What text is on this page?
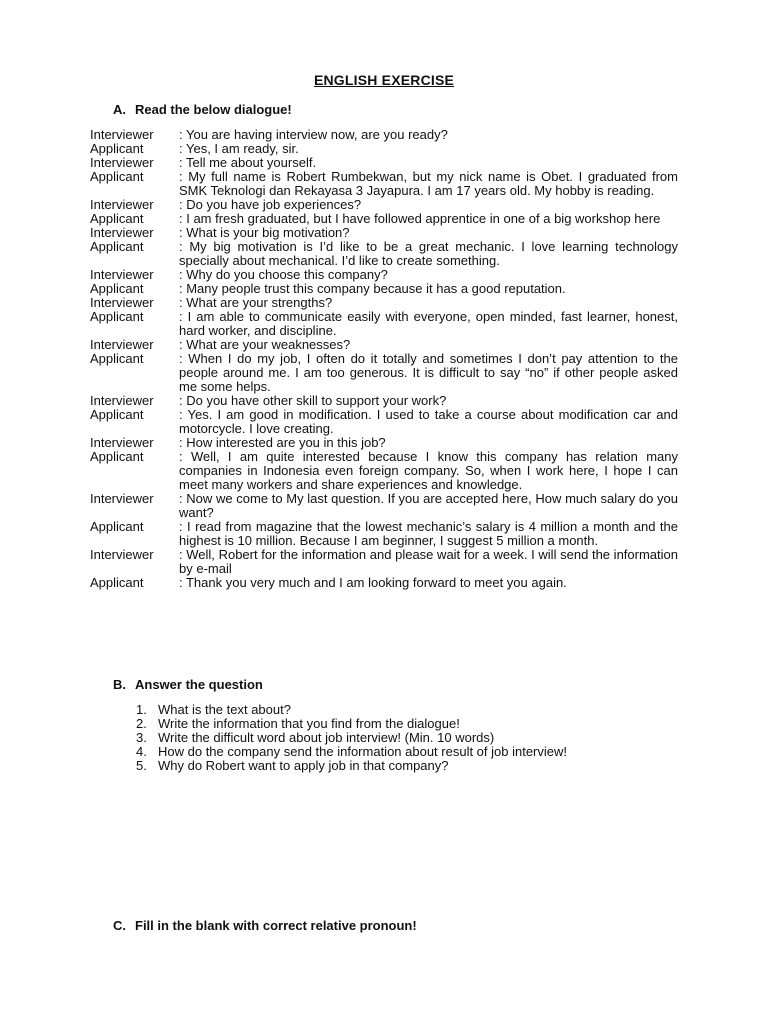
ENGLISH EXERCISE
A. Read the below dialogue!
Interviewer	: You are having interview now, are you ready?
Applicant	: Yes, I am ready, sir.
Interviewer	: Tell me about yourself.
Applicant	: My full name is Robert Rumbekwan, but my nick name is Obet. I graduated from SMK Teknologi dan Rekayasa 3 Jayapura. I am 17 years old. My hobby is reading.
Interviewer	: Do you have job experiences?
Applicant	: I am fresh graduated, but I have followed apprentice in one of a big workshop here
Interviewer	: What is your big motivation?
Applicant	: My big motivation is I’d like to be a great mechanic. I love learning technology specially about mechanical. I’d like to create something.
Interviewer	: Why do you choose this company?
Applicant	: Many people trust this company because it has a good reputation.
Interviewer	: What are your strengths?
Applicant	: I am able to communicate easily with everyone, open minded, fast learner, honest, hard worker, and discipline.
Interviewer	: What are your weaknesses?
Applicant	: When I do my job, I often do it totally and sometimes I don’t pay attention to the people around me. I am too generous. It is difficult to say “no” if other people asked me some helps.
Interviewer	: Do you have other skill to support your work?
Applicant	: Yes. I am good in modification. I used to take a course about modification car and motorcycle. I love creating.
Interviewer	: How interested are you in this job?
Applicant	: Well, I am quite interested because I know this company has relation many companies in Indonesia even foreign company. So, when I work here, I hope I can meet many workers and share experiences and knowledge.
Interviewer	: Now we come to My last question. If you are accepted here, How much salary do you want?
Applicant	: I read from magazine that the lowest mechanic’s salary is 4 million a month and the highest is 10 million. Because I am beginner, I suggest 5 million a month.
Interviewer	: Well, Robert for the information and please wait for a week. I will send the information by e-mail
Applicant	: Thank you very much and I am looking forward to meet you again.
B. Answer the question
1. What is the text about?
2. Write the information that you find from the dialogue!
3. Write the difficult word about job interview! (Min. 10 words)
4. How do the company send the information about result of job interview!
5. Why do Robert want to apply job in that company?
C. Fill in the blank with correct relative pronoun!
